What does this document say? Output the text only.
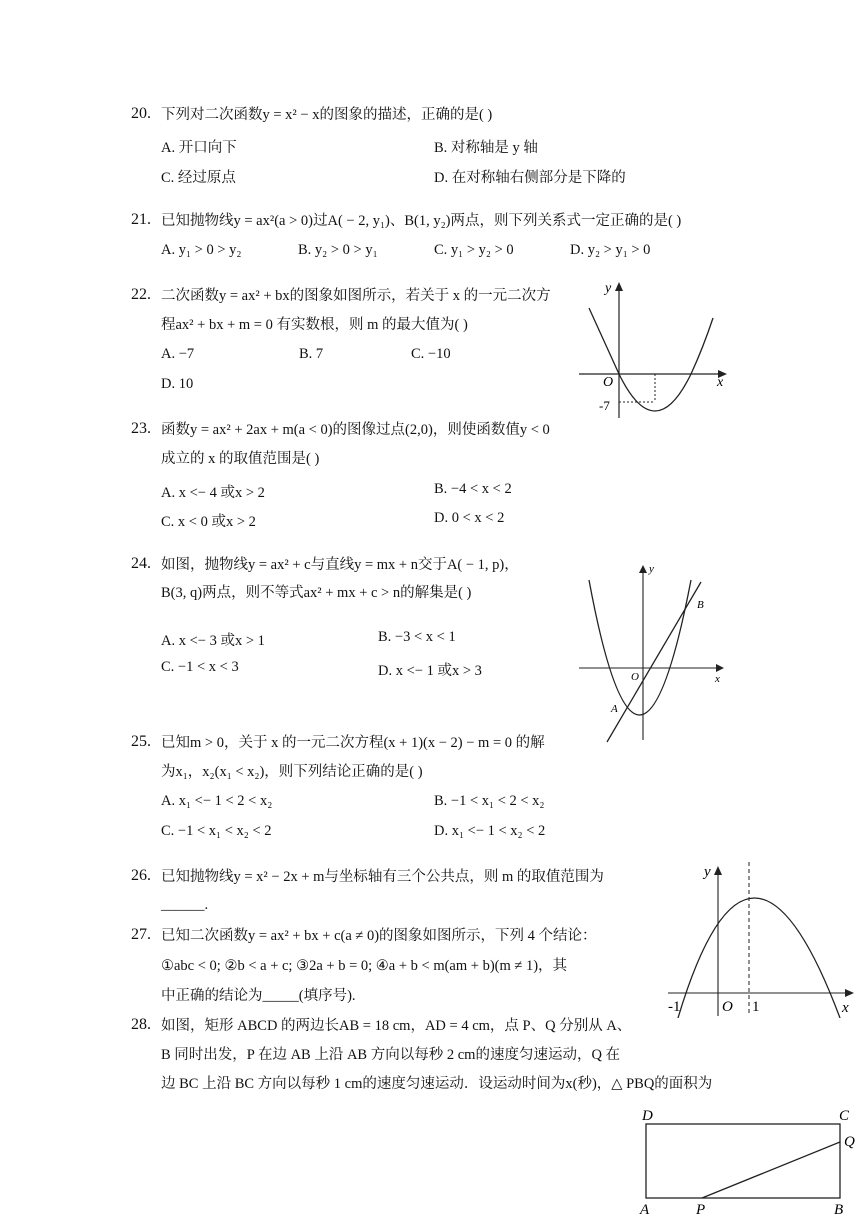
20. 下列对二次函数y = x² − x的图象的描述，正确的是( )
A. 开口向下	B. 对称轴是 y 轴
C. 经过原点	D. 在对称轴右侧部分是下降的
21. 已知抛物线y = ax²(a > 0)过A( − 2, y₁)、B(1, y₂)两点，则下列关系式一定正确的是( )
A. y₁ > 0 > y₂	B. y₂ > 0 > y₁	C. y₁ > y₂ > 0	D. y₂ > y₁ > 0
22. 二次函数y = ax² + bx的图象如图所示，若关于 x 的一元二次方
程ax² + bx + m = 0 有实数根，则 m 的最大值为( )
A. −7	B. 7	C. −10
D. 10
y
x
O
-7
23. 函数y = ax² + 2ax + m(a < 0)的图像过点(2,0)，则使函数值y < 0
成立的 x 的取值范围是( )
A. x <− 4 或x > 2	B. −4 < x < 2
C. x < 0 或x > 2	D. 0 < x < 2
24. 如图，抛物线y = ax² + c与直线y = mx + n交于A( − 1, p)，
B(3, q)两点，则不等式ax² + mx + c > n的解集是( )
A. x <− 3 或x > 1	B. −3 < x < 1
C. −1 < x < 3	D. x <− 1 或x > 3
y
x
O
A
B
25. 已知m > 0，关于 x 的一元二次方程(x + 1)(x − 2) − m = 0 的解
为x₁，x₂(x₁ < x₂)，则下列结论正确的是( )
A. x₁ <− 1 < 2 < x₂	B. −1 < x₁ < 2 < x₂
C. −1 < x₁ < x₂ < 2	D. x₁ <− 1 < x₂ < 2
26. 已知抛物线y = x² − 2x + m与坐标轴有三个公共点，则 m 的取值范围为
______.
y
x
O
-1	1
27. 已知二次函数y = ax² + bx + c(a ≠ 0)的图象如图所示，下列 4 个结论：
①abc < 0; ②b < a + c; ③2a + b = 0; ④a + b < m(am + b)(m ≠ 1)，其
中正确的结论为_____(填序号).
28. 如图，矩形 ABCD 的两边长AB = 18 cm，AD = 4 cm，点 P、Q 分别从 A、
B 同时出发，P 在边 AB 上沿 AB 方向以每秒 2 cm的速度匀速运动，Q 在
边 BC 上沿 BC 方向以每秒 1 cm的速度匀速运动．设运动时间为x(秒)，△ PBQ的面积为
D	C
Q
A	P	B
